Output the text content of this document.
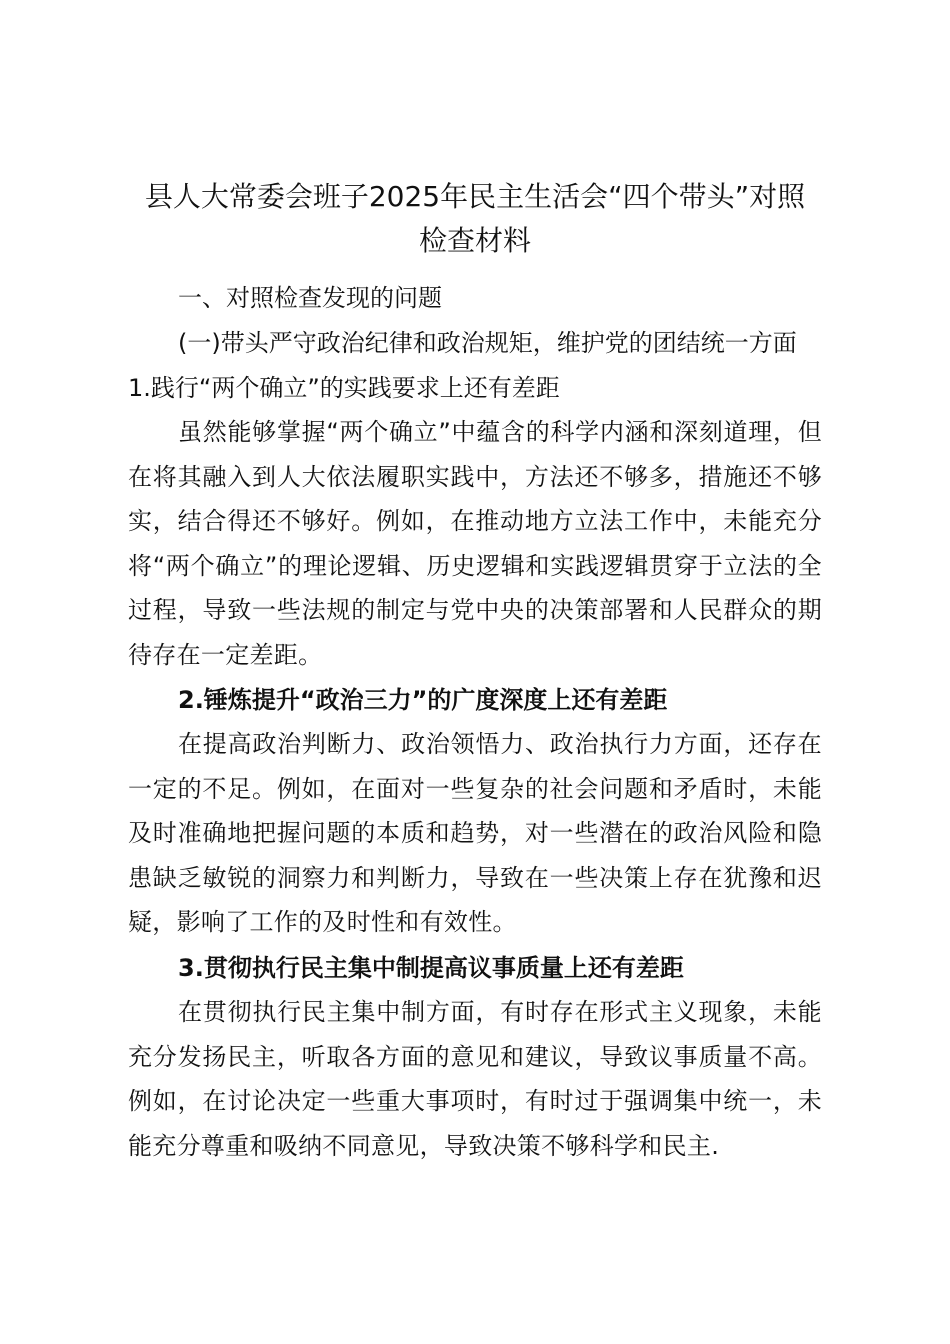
县人大常委会班子2025年民主生活会“四个带头”对照
检查材料

一、对照检查发现的问题

(一)带头严守政治纪律和政治规矩，维护党的团结统一方面

1.践行“两个确立”的实践要求上还有差距

虽然能够掌握“两个确立”中蕴含的科学内涵和深刻道理，但在将其融入到人大依法履职实践中，方法还不够多，措施还不够实，结合得还不够好。例如，在推动地方立法工作中，未能充分将“两个确立”的理论逻辑、历史逻辑和实践逻辑贯穿于立法的全过程，导致一些法规的制定与党中央的决策部署和人民群众的期待存在一定差距。

2.锤炼提升“政治三力”的广度深度上还有差距

在提高政治判断力、政治领悟力、政治执行力方面，还存在一定的不足。例如，在面对一些复杂的社会问题和矛盾时，未能及时准确地把握问题的本质和趋势，对一些潜在的政治风险和隐患缺乏敏锐的洞察力和判断力，导致在一些决策上存在犹豫和迟疑，影响了工作的及时性和有效性。

3.贯彻执行民主集中制提高议事质量上还有差距

在贯彻执行民主集中制方面，有时存在形式主义现象，未能充分发扬民主，听取各方面的意见和建议，导致议事质量不高。例如，在讨论决定一些重大事项时，有时过于强调集中统一，未能充分尊重和吸纳不同意见，导致决策不够科学和民主.
